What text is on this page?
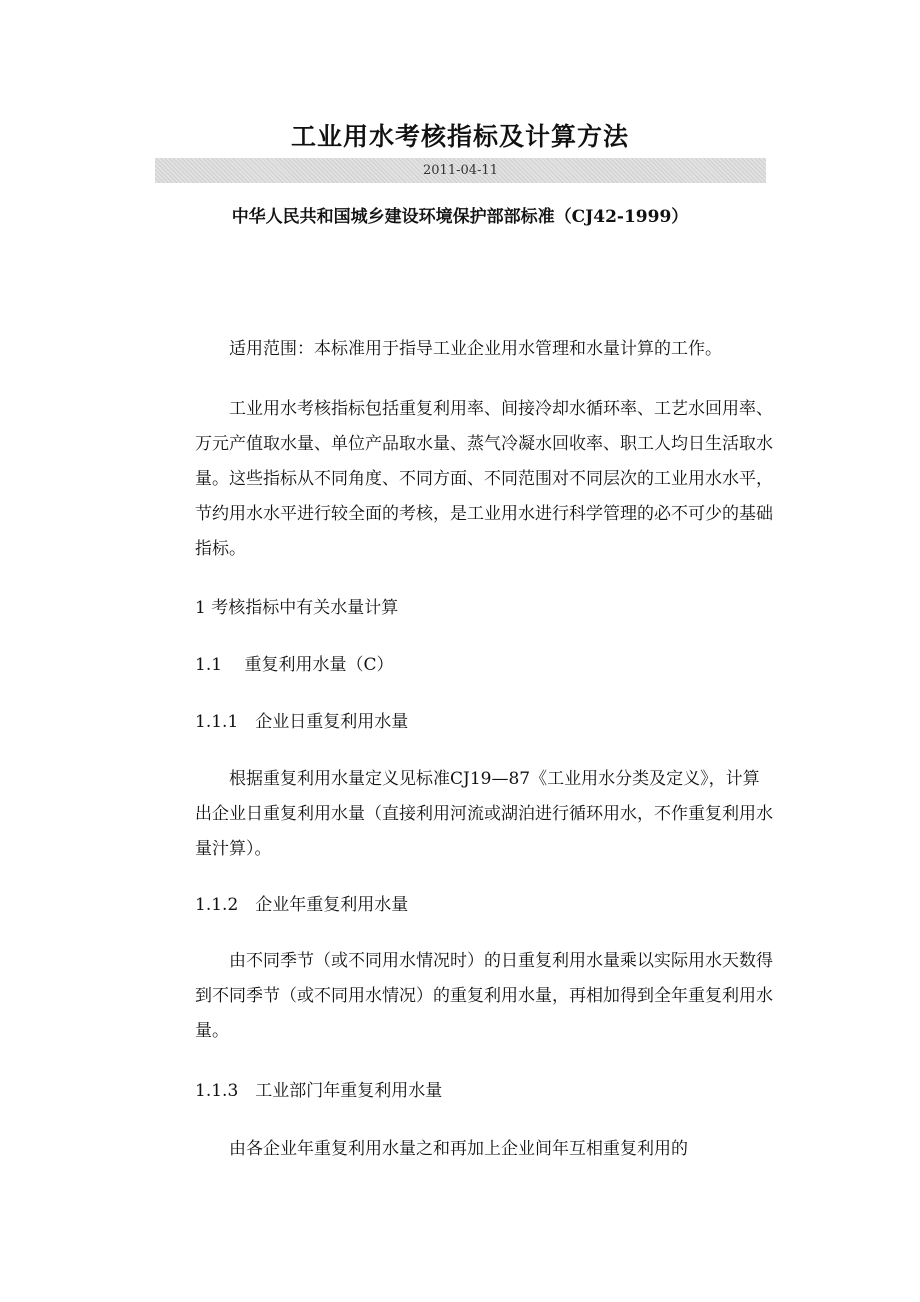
工业用水考核指标及计算方法
2011-04-11
中华人民共和国城乡建设环境保护部部标准（CJ42-1999）

适用范围：本标准用于指导工业企业用水管理和水量计算的工作。

工业用水考核指标包括重复利用率、间接冷却水循环率、工艺水回用率、万元产值取水量、单位产品取水量、蒸气冷凝水回收率、职工人均日生活取水量。这些指标从不同角度、不同方面、不同范围对不同层次的工业用水水平，节约用水水平进行较全面的考核，是工业用水进行科学管理的必不可少的基础指标。

1 考核指标中有关水量计算

1.1　 重复利用水量（C）

1.1.1　企业日重复利用水量

根据重复利用水量定义见标准CJ19—87《工业用水分类及定义》，计算出企业日重复利用水量（直接利用河流或湖泊进行循环用水，不作重复利用水量汁算）。

1.1.2　企业年重复利用水量

由不同季节（或不同用水情况时）的日重复利用水量乘以实际用水天数得到不同季节（或不同用水情况）的重复利用水量，再相加得到全年重复利用水量。

1.1.3　工业部门年重复利用水量

由各企业年重复利用水量之和再加上企业间年互相重复利用的
